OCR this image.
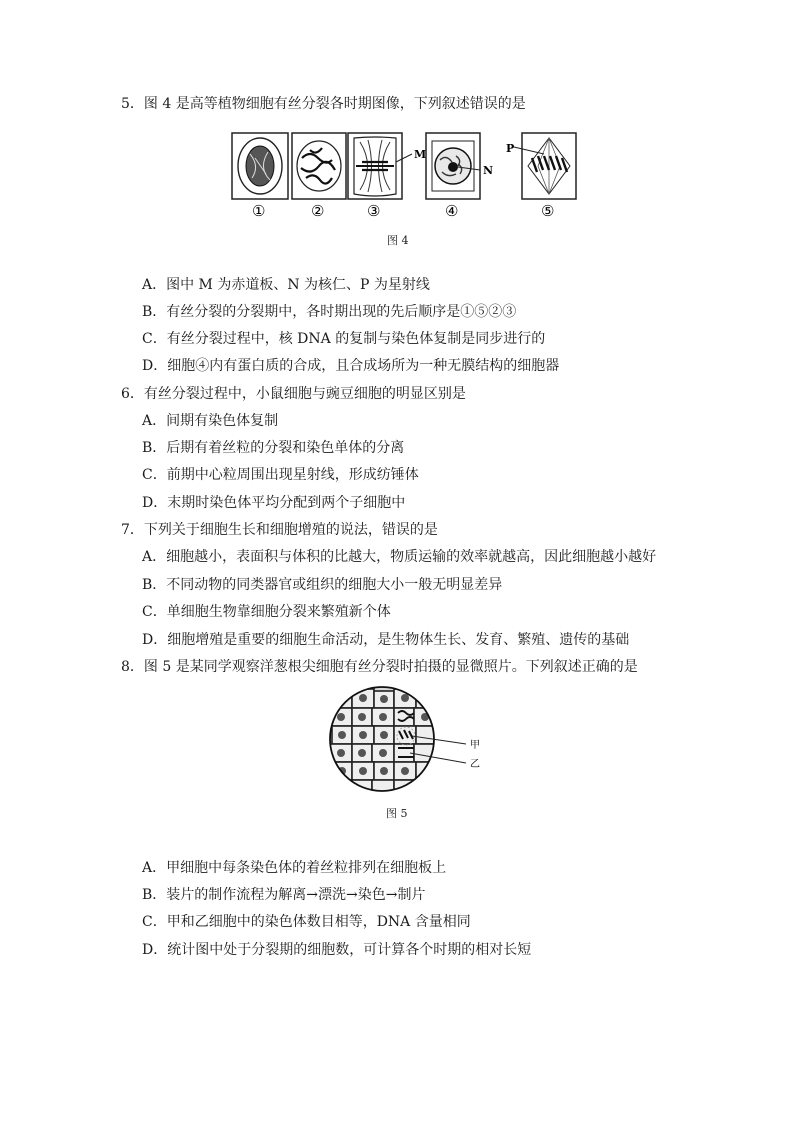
5．图 4 是高等植物细胞有丝分裂各时期图像，下列叙述错误的是
M
N
P
①	②	③	④	⑤
图 4
A．图中 M 为赤道板、N 为核仁、P 为星射线
B．有丝分裂的分裂期中，各时期出现的先后顺序是①⑤②③
C．有丝分裂过程中，核 DNA 的复制与染色体复制是同步进行的
D．细胞④内有蛋白质的合成，且合成场所为一种无膜结构的细胞器
6．有丝分裂过程中，小鼠细胞与豌豆细胞的明显区别是
A．间期有染色体复制
B．后期有着丝粒的分裂和染色单体的分离
C．前期中心粒周围出现星射线，形成纺锤体
D．末期时染色体平均分配到两个子细胞中
7．下列关于细胞生长和细胞增殖的说法，错误的是
A．细胞越小，表面积与体积的比越大，物质运输的效率就越高，因此细胞越小越好
B．不同动物的同类器官或组织的细胞大小一般无明显差异
C．单细胞生物靠细胞分裂来繁殖新个体
D．细胞增殖是重要的细胞生命活动，是生物体生长、发育、繁殖、遗传的基础
8．图 5 是某同学观察洋葱根尖细胞有丝分裂时拍摄的显微照片。下列叙述正确的是
甲
乙
图 5
A．甲细胞中每条染色体的着丝粒排列在细胞板上
B．装片的制作流程为解离→漂洗→染色→制片
C．甲和乙细胞中的染色体数目相等，DNA 含量相同
D．统计图中处于分裂期的细胞数，可计算各个时期的相对长短
